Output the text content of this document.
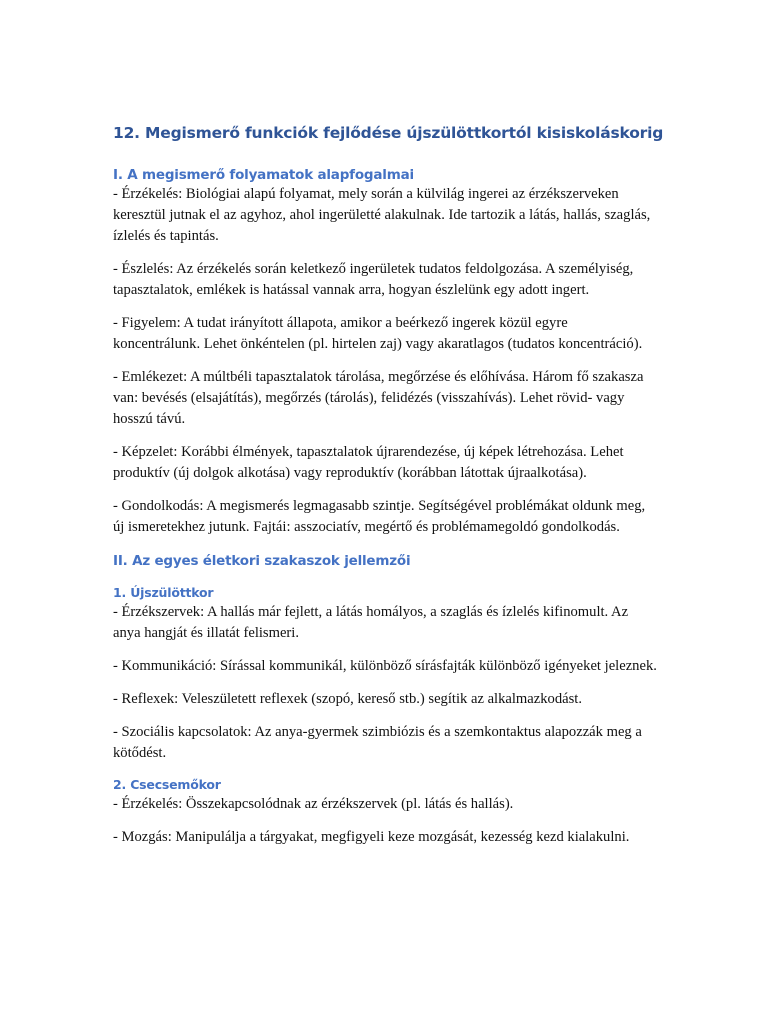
12. Megismerő funkciók fejlődése újszülöttkortól kisiskoláskorig
I. A megismerő folyamatok alapfogalmai

- Érzékelés: Biológiai alapú folyamat, mely során a külvilág ingerei az érzékszerveken keresztül jutnak el az agyhoz, ahol ingerületté alakulnak. Ide tartozik a látás, hallás, szaglás, ízlelés és tapintás.

- Észlelés: Az érzékelés során keletkező ingerületek tudatos feldolgozása. A személyiség, tapasztalatok, emlékek is hatással vannak arra, hogyan észlelünk egy adott ingert.

- Figyelem: A tudat irányított állapota, amikor a beérkező ingerek közül egyre koncentrálunk. Lehet önkéntelen (pl. hirtelen zaj) vagy akaratlagos (tudatos koncentráció).

- Emlékezet: A múltbéli tapasztalatok tárolása, megőrzése és előhívása. Három fő szakasza van: bevésés (elsajátítás), megőrzés (tárolás), felidézés (visszahívás). Lehet rövid- vagy hosszú távú.

- Képzelet: Korábbi élmények, tapasztalatok újrarendezése, új képek létrehozása. Lehet produktív (új dolgok alkotása) vagy reproduktív (korábban látottak újraalkotása).

- Gondolkodás: A megismerés legmagasabb szintje. Segítségével problémákat oldunk meg, új ismeretekhez jutunk. Fajtái: asszociatív, megértő és problémamegoldó gondolkodás.

II. Az egyes életkori szakaszok jellemzői
1. Újszülöttkor

- Érzékszervek: A hallás már fejlett, a látás homályos, a szaglás és ízlelés kifinomult. Az anya hangját és illatát felismeri.

- Kommunikáció: Sírással kommunikál, különböző sírásfajták különböző igényeket jeleznek.

- Reflexek: Veleszületett reflexek (szopó, kereső stb.) segítik az alkalmazkodást.

- Szociális kapcsolatok: Az anya-gyermek szimbiózis és a szemkontaktus alapozzák meg a kötődést.

2. Csecsemőkor

- Érzékelés: Összekapcsolódnak az érzékszervek (pl. látás és hallás).

- Mozgás: Manipulálja a tárgyakat, megfigyeli keze mozgását, kezesség kezd kialakulni.
